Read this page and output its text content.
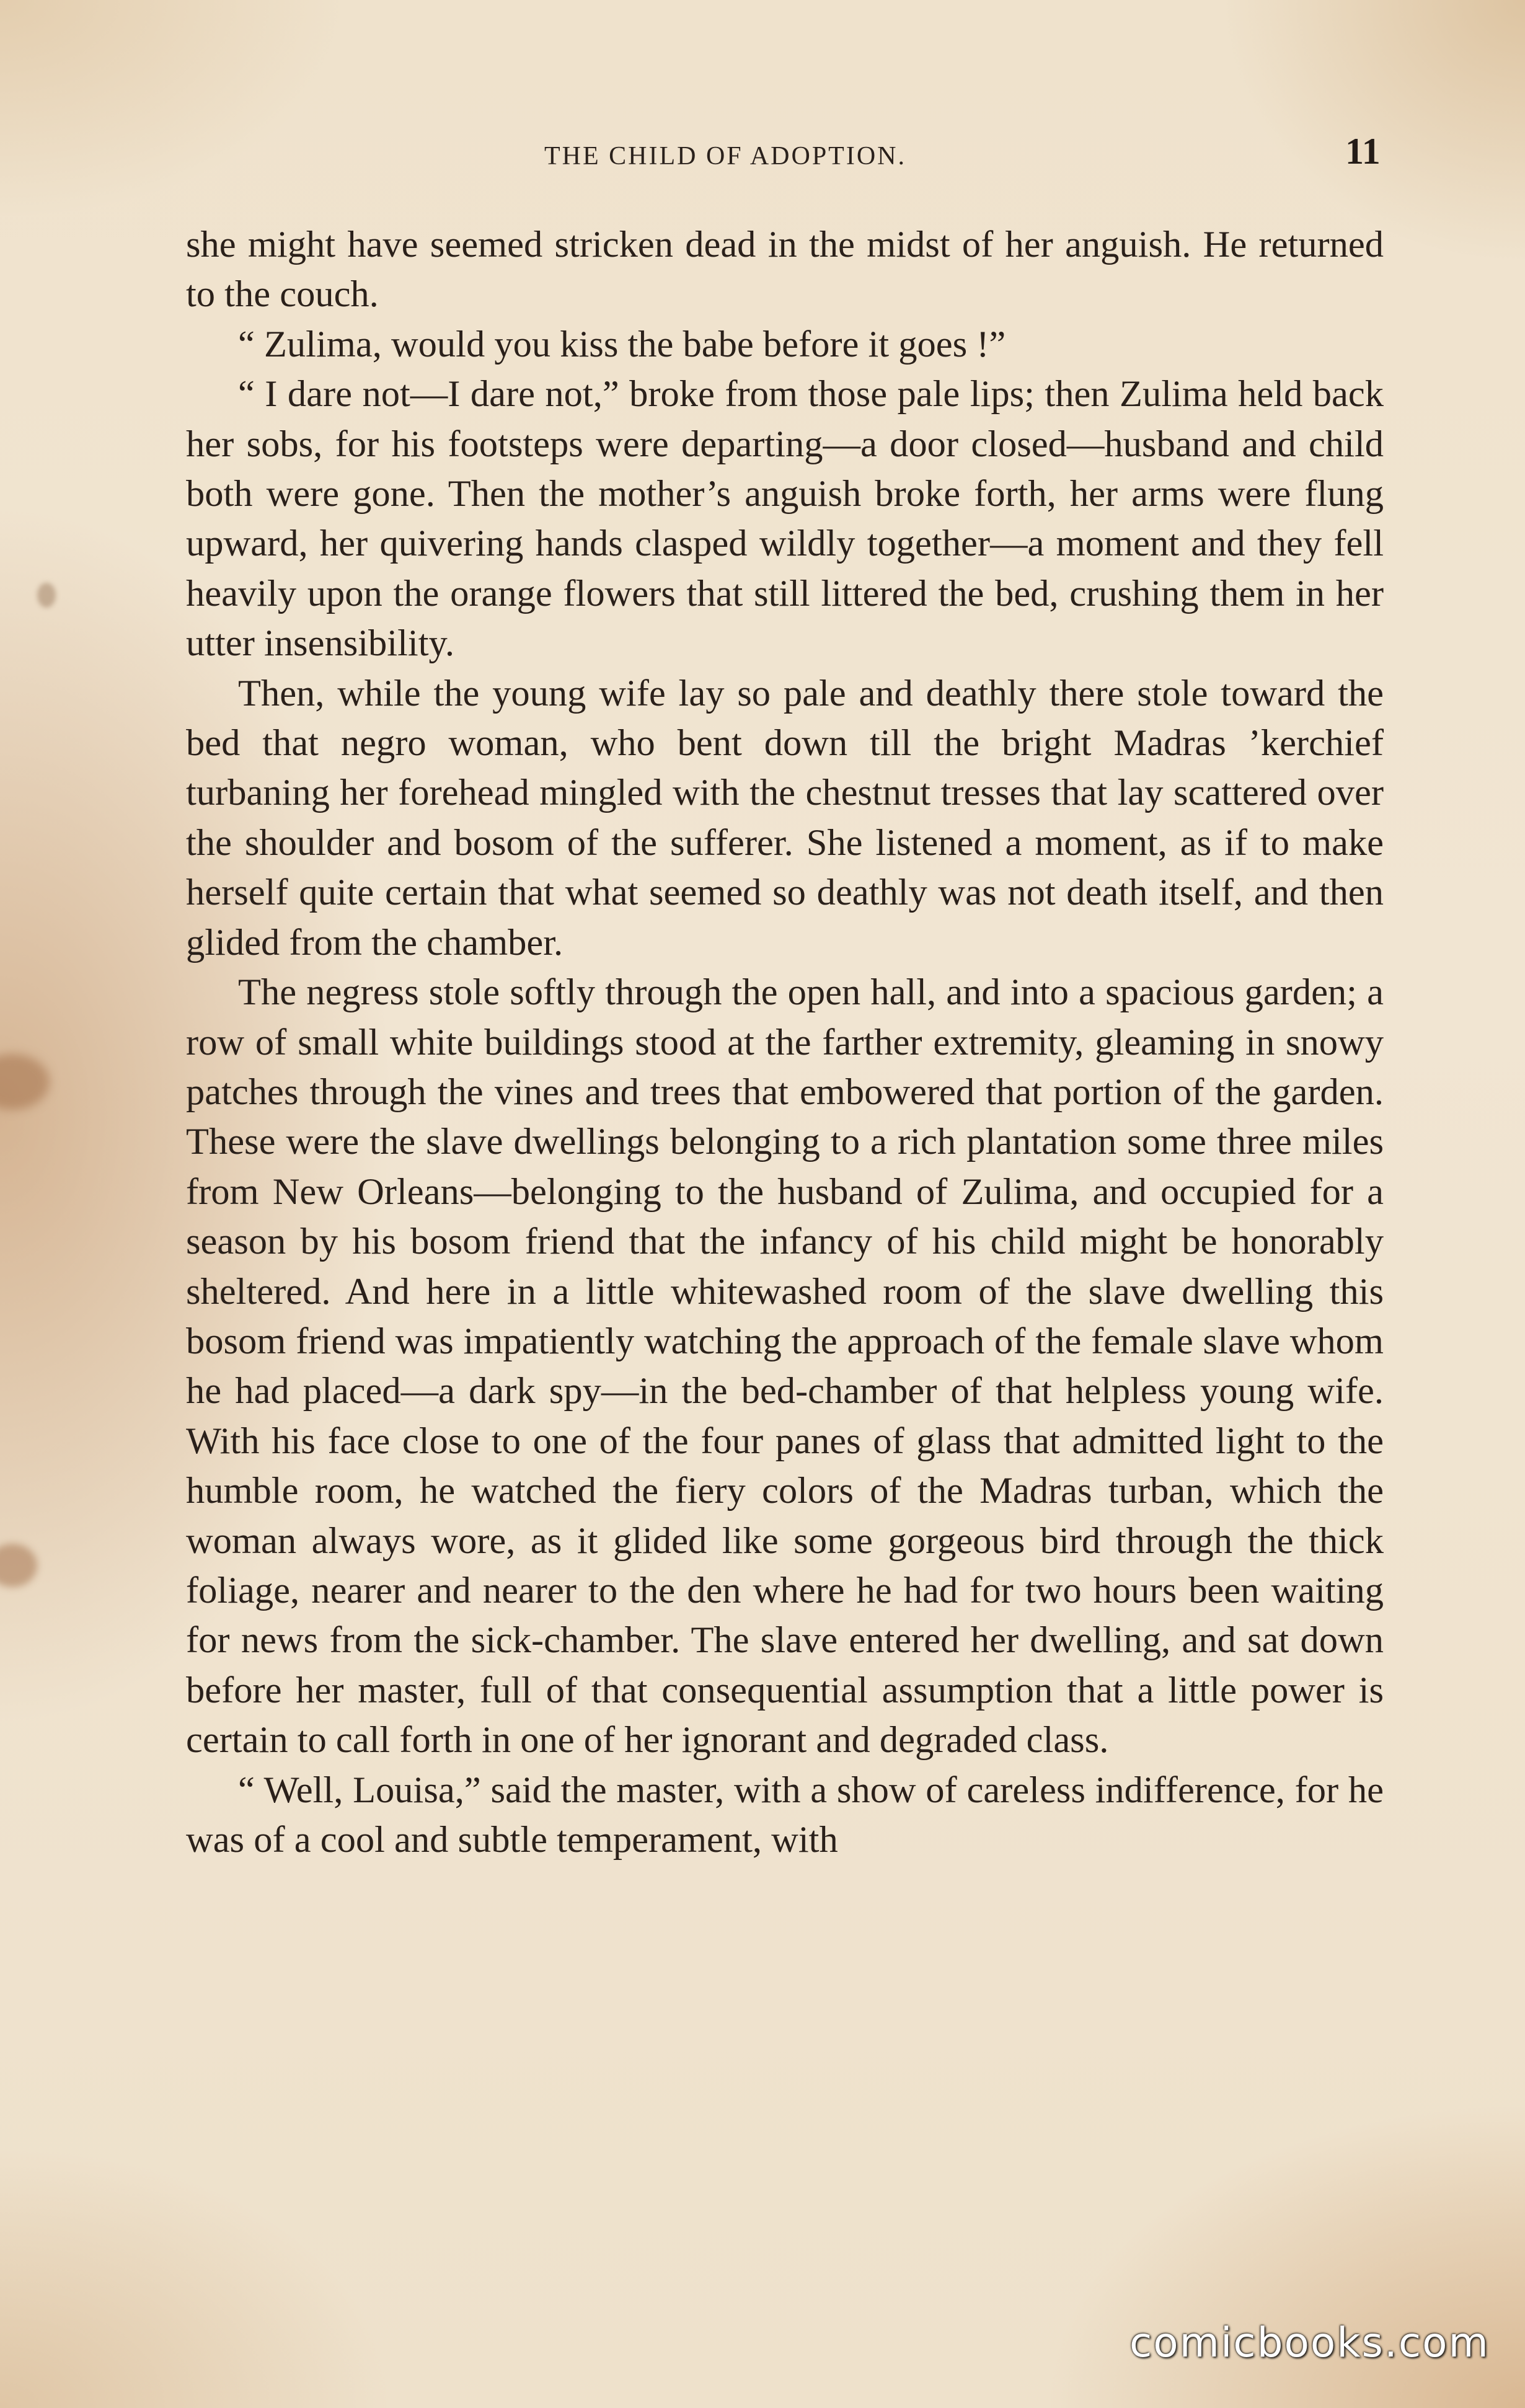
THE CHILD OF ADOPTION.	11

she might have seemed stricken dead in the midst of her anguish. He returned to the couch.

“ Zulima, would you kiss the babe before it goes !”

“ I dare not—I dare not,” broke from those pale lips; then Zulima held back her sobs, for his footsteps were departing—a door closed—husband and child both were gone. Then the mother’s anguish broke forth, her arms were flung upward, her quivering hands clasped wildly together—a moment and they fell heavily upon the orange flowers that still littered the bed, crushing them in her utter insensibility.

Then, while the young wife lay so pale and deathly there stole toward the bed that negro woman, who bent down till the bright Madras ’kerchief turbaning her forehead mingled with the chestnut tresses that lay scattered over the shoulder and bosom of the sufferer. She listened a moment, as if to make herself quite certain that what seemed so deathly was not death itself, and then glided from the chamber.

The negress stole softly through the open hall, and into a spacious garden; a row of small white buildings stood at the farther extremity, gleaming in snowy patches through the vines and trees that embowered that portion of the garden. These were the slave dwellings belonging to a rich plantation some three miles from New Orleans—belonging to the husband of Zulima, and occupied for a season by his bosom friend that the infancy of his child might be honorably sheltered. And here in a little whitewashed room of the slave dwelling this bosom friend was impatiently watching the approach of the female slave whom he had placed—a dark spy—in the bed-chamber of that helpless young wife. With his face close to one of the four panes of glass that admitted light to the humble room, he watched the fiery colors of the Madras turban, which the woman always wore, as it glided like some gorgeous bird through the thick foliage, nearer and nearer to the den where he had for two hours been waiting for news from the sick-chamber. The slave entered her dwelling, and sat down before her master, full of that consequential assumption that a little power is certain to call forth in one of her ignorant and degraded class.

“ Well, Louisa,” said the master, with a show of careless indifference, for he was of a cool and subtle temperament, with

comicbooks.com
